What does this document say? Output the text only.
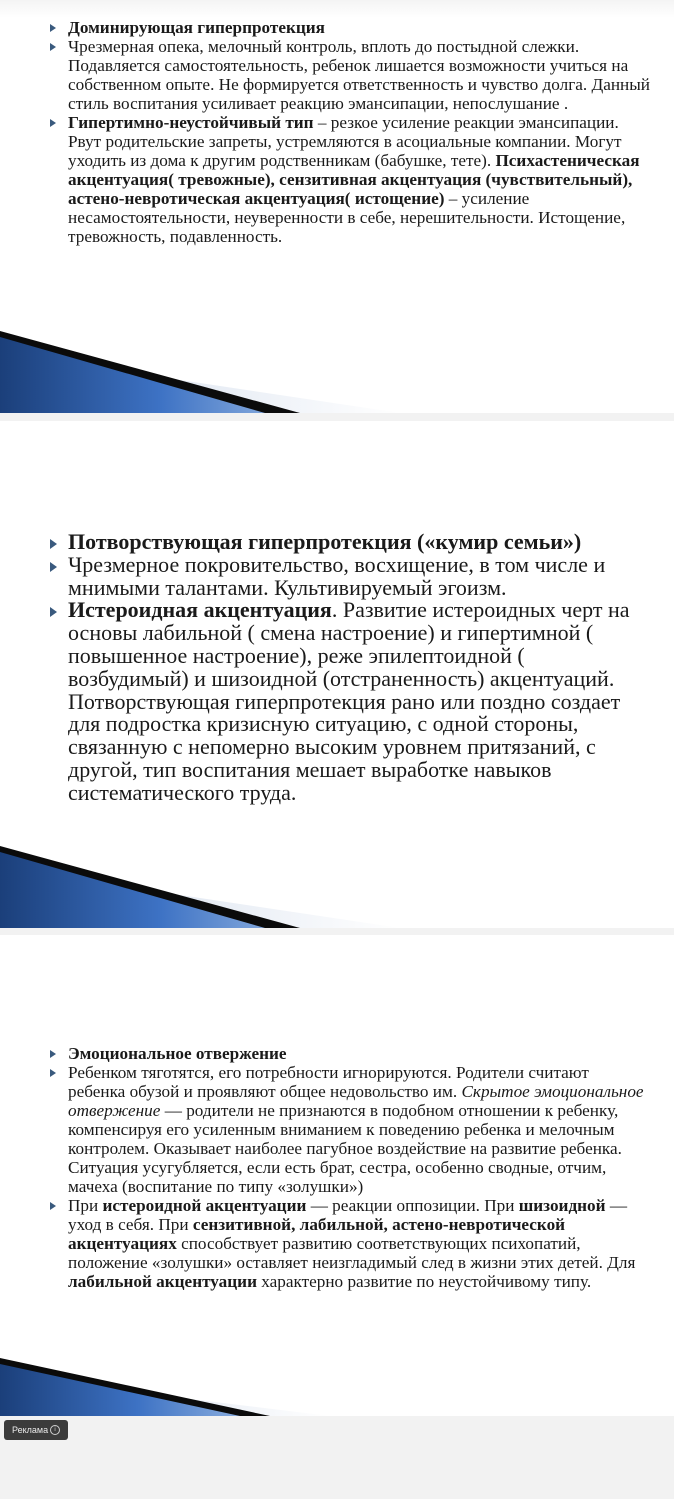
Доминирующая гиперпротекция
Чрезмерная опека, мелочный контроль, вплоть до постыдной слежки. Подавляется самостоятельность, ребенок лишается возможности учиться на собственном опыте. Не формируется ответственность и чувство долга. Данный стиль воспитания усиливает реакцию эмансипации, непослушание .
Гипертимно-неустойчивый тип – резкое усиление реакции эмансипации. Рвут родительские запреты, устремляются в асоциальные компании. Могут уходить из дома к другим родственникам (бабушке, тете). Психастеническая акцентуация( тревожные), сензитивная акцентуация (чувствительный), астено-невротическая акцентуация( истощение) – усиление несамостоятельности, неуверенности в себе, нерешительности. Истощение, тревожность, подавленность.
Потворствующая гиперпротекция («кумир семьи»)
Чрезмерное покровительство, восхищение, в том числе и мнимыми талантами. Культивируемый эгоизм.
Истероидная акцентуация. Развитие истероидных черт на основы лабильной ( смена настроение) и гипертимной ( повышенное настроение), реже эпилептоидной ( возбудимый) и шизоидной (отстраненность) акцентуаций. Потворствующая гиперпротекция рано или поздно создает для подростка кризисную ситуацию, с одной стороны, связанную с непомерно высоким уровнем притязаний, с другой, тип воспитания мешает выработке навыков систематического труда.
Эмоциональное отвержение
Ребенком тяготятся, его потребности игнорируются. Родители считают ребенка обузой и проявляют общее недовольство им. Скрытое эмоциональное отвержение — родители не признаются в подобном отношении к ребенку, компенсируя его усиленным вниманием к поведению ребенка и мелочным контролем. Оказывает наиболее пагубное воздействие на развитие ребенка. Ситуация усугубляется, если есть брат, сестра, особенно сводные, отчим, мачеха (воспитание по типу «золушки»)
При истероидной акцентуации — реакции оппозиции. При шизоидной — уход в себя. При сензитивной, лабильной, астено-невротической акцентуациях способствует развитию соответствующих психопатий, положение «золушки» оставляет неизгладимый след в жизни этих детей. Для лабильной акцентуации характерно развитие по неустойчивому типу.
Реклама	i
